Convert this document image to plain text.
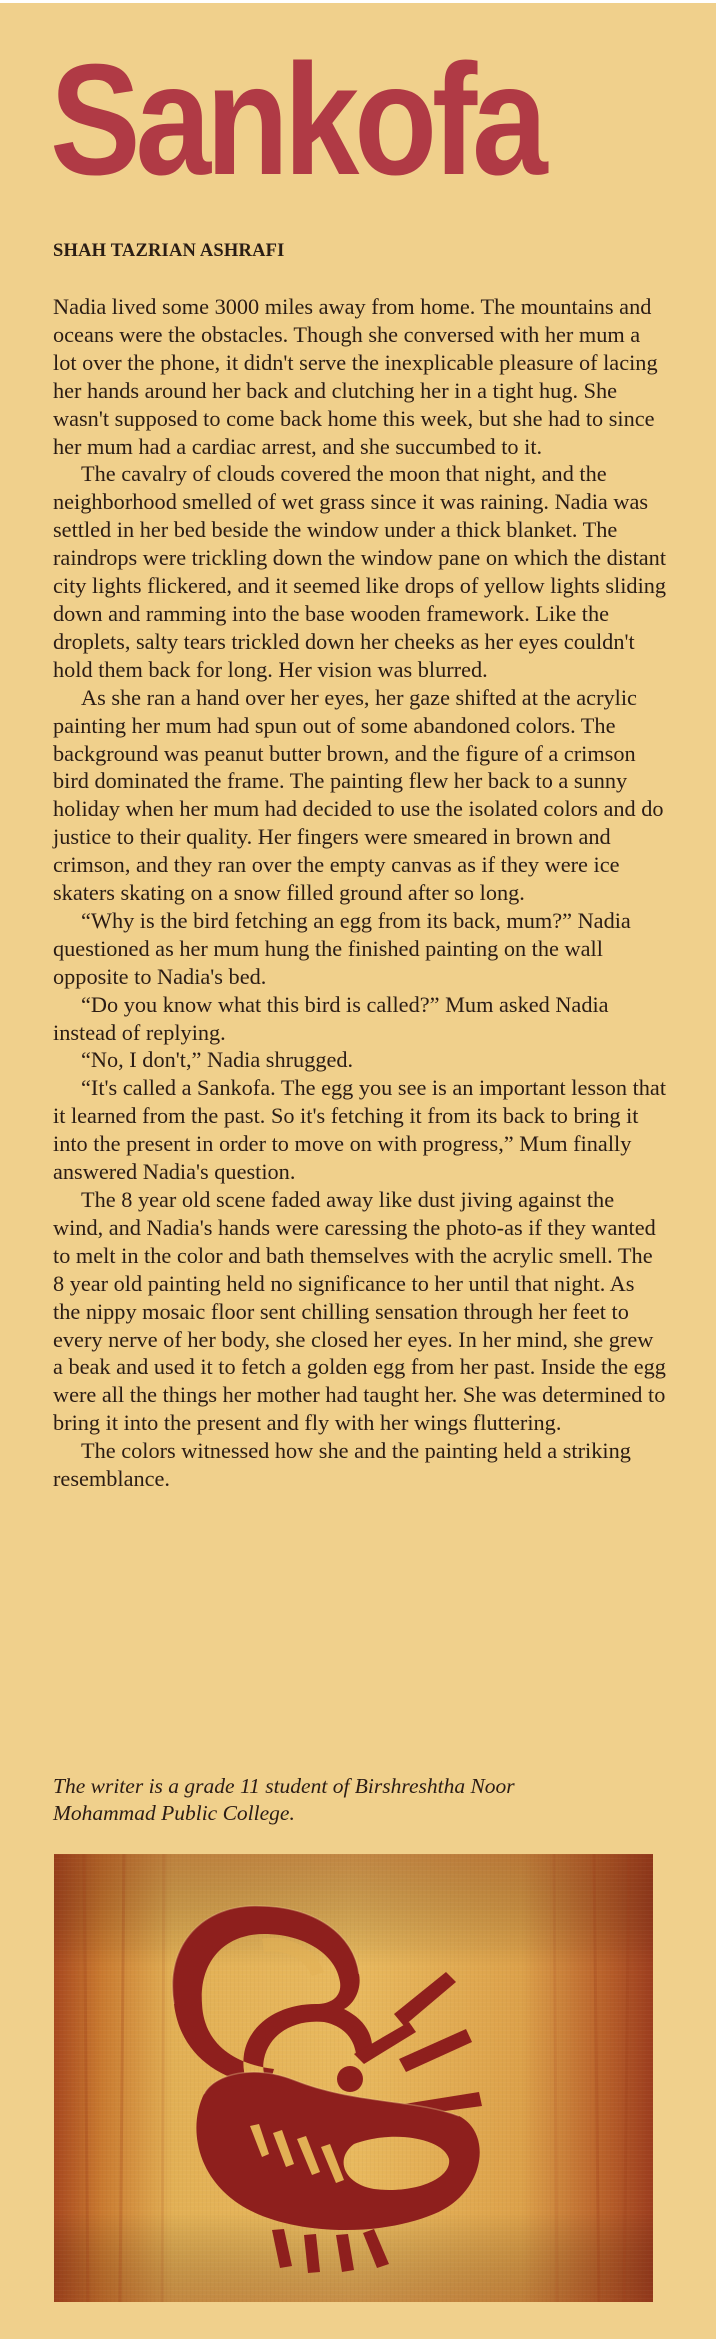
Sankofa
SHAH TAZRIAN ASHRAFI

Nadia lived some 3000 miles away from home. The mountains and oceans were the obstacles. Though she conversed with her mum a lot over the phone, it didn't serve the inexplicable pleasure of lacing her hands around her back and clutching her in a tight hug. She wasn't supposed to come back home this week, but she had to since her mum had a cardiac arrest, and she succumbed to it.

The cavalry of clouds covered the moon that night, and the neighborhood smelled of wet grass since it was raining. Nadia was settled in her bed beside the window under a thick blanket. The raindrops were trickling down the window pane on which the distant city lights flickered, and it seemed like drops of yellow lights sliding down and ramming into the base wooden framework. Like the droplets, salty tears trickled down her cheeks as her eyes couldn't hold them back for long. Her vision was blurred.

As she ran a hand over her eyes, her gaze shifted at the acrylic painting her mum had spun out of some abandoned colors. The background was peanut butter brown, and the figure of a crimson bird dominated the frame. The painting flew her back to a sunny holiday when her mum had decided to use the isolated colors and do justice to their quality. Her fingers were smeared in brown and crimson, and they ran over the empty canvas as if they were ice skaters skating on a snow filled ground after so long.

“Why is the bird fetching an egg from its back, mum?” Nadia questioned as her mum hung the finished painting on the wall opposite to Nadia's bed.

“Do you know what this bird is called?” Mum asked Nadia instead of replying.

“No, I don't,” Nadia shrugged.

“It's called a Sankofa. The egg you see is an important lesson that it learned from the past. So it's fetching it from its back to bring it into the present in order to move on with progress,” Mum finally answered Nadia's question.

The 8 year old scene faded away like dust jiving against the wind, and Nadia's hands were caressing the photo-as if they wanted to melt in the color and bath themselves with the acrylic smell. The 8 year old painting held no significance to her until that night. As the nippy mosaic floor sent chilling sensation through her feet to every nerve of her body, she closed her eyes. In her mind, she grew a beak and used it to fetch a golden egg from her past. Inside the egg were all the things her mother had taught her. She was determined to bring it into the present and fly with her wings fluttering.

The colors witnessed how she and the painting held a striking resemblance.

The writer is a grade 11 student of Birshreshtha Noor Mohammad Public College.
